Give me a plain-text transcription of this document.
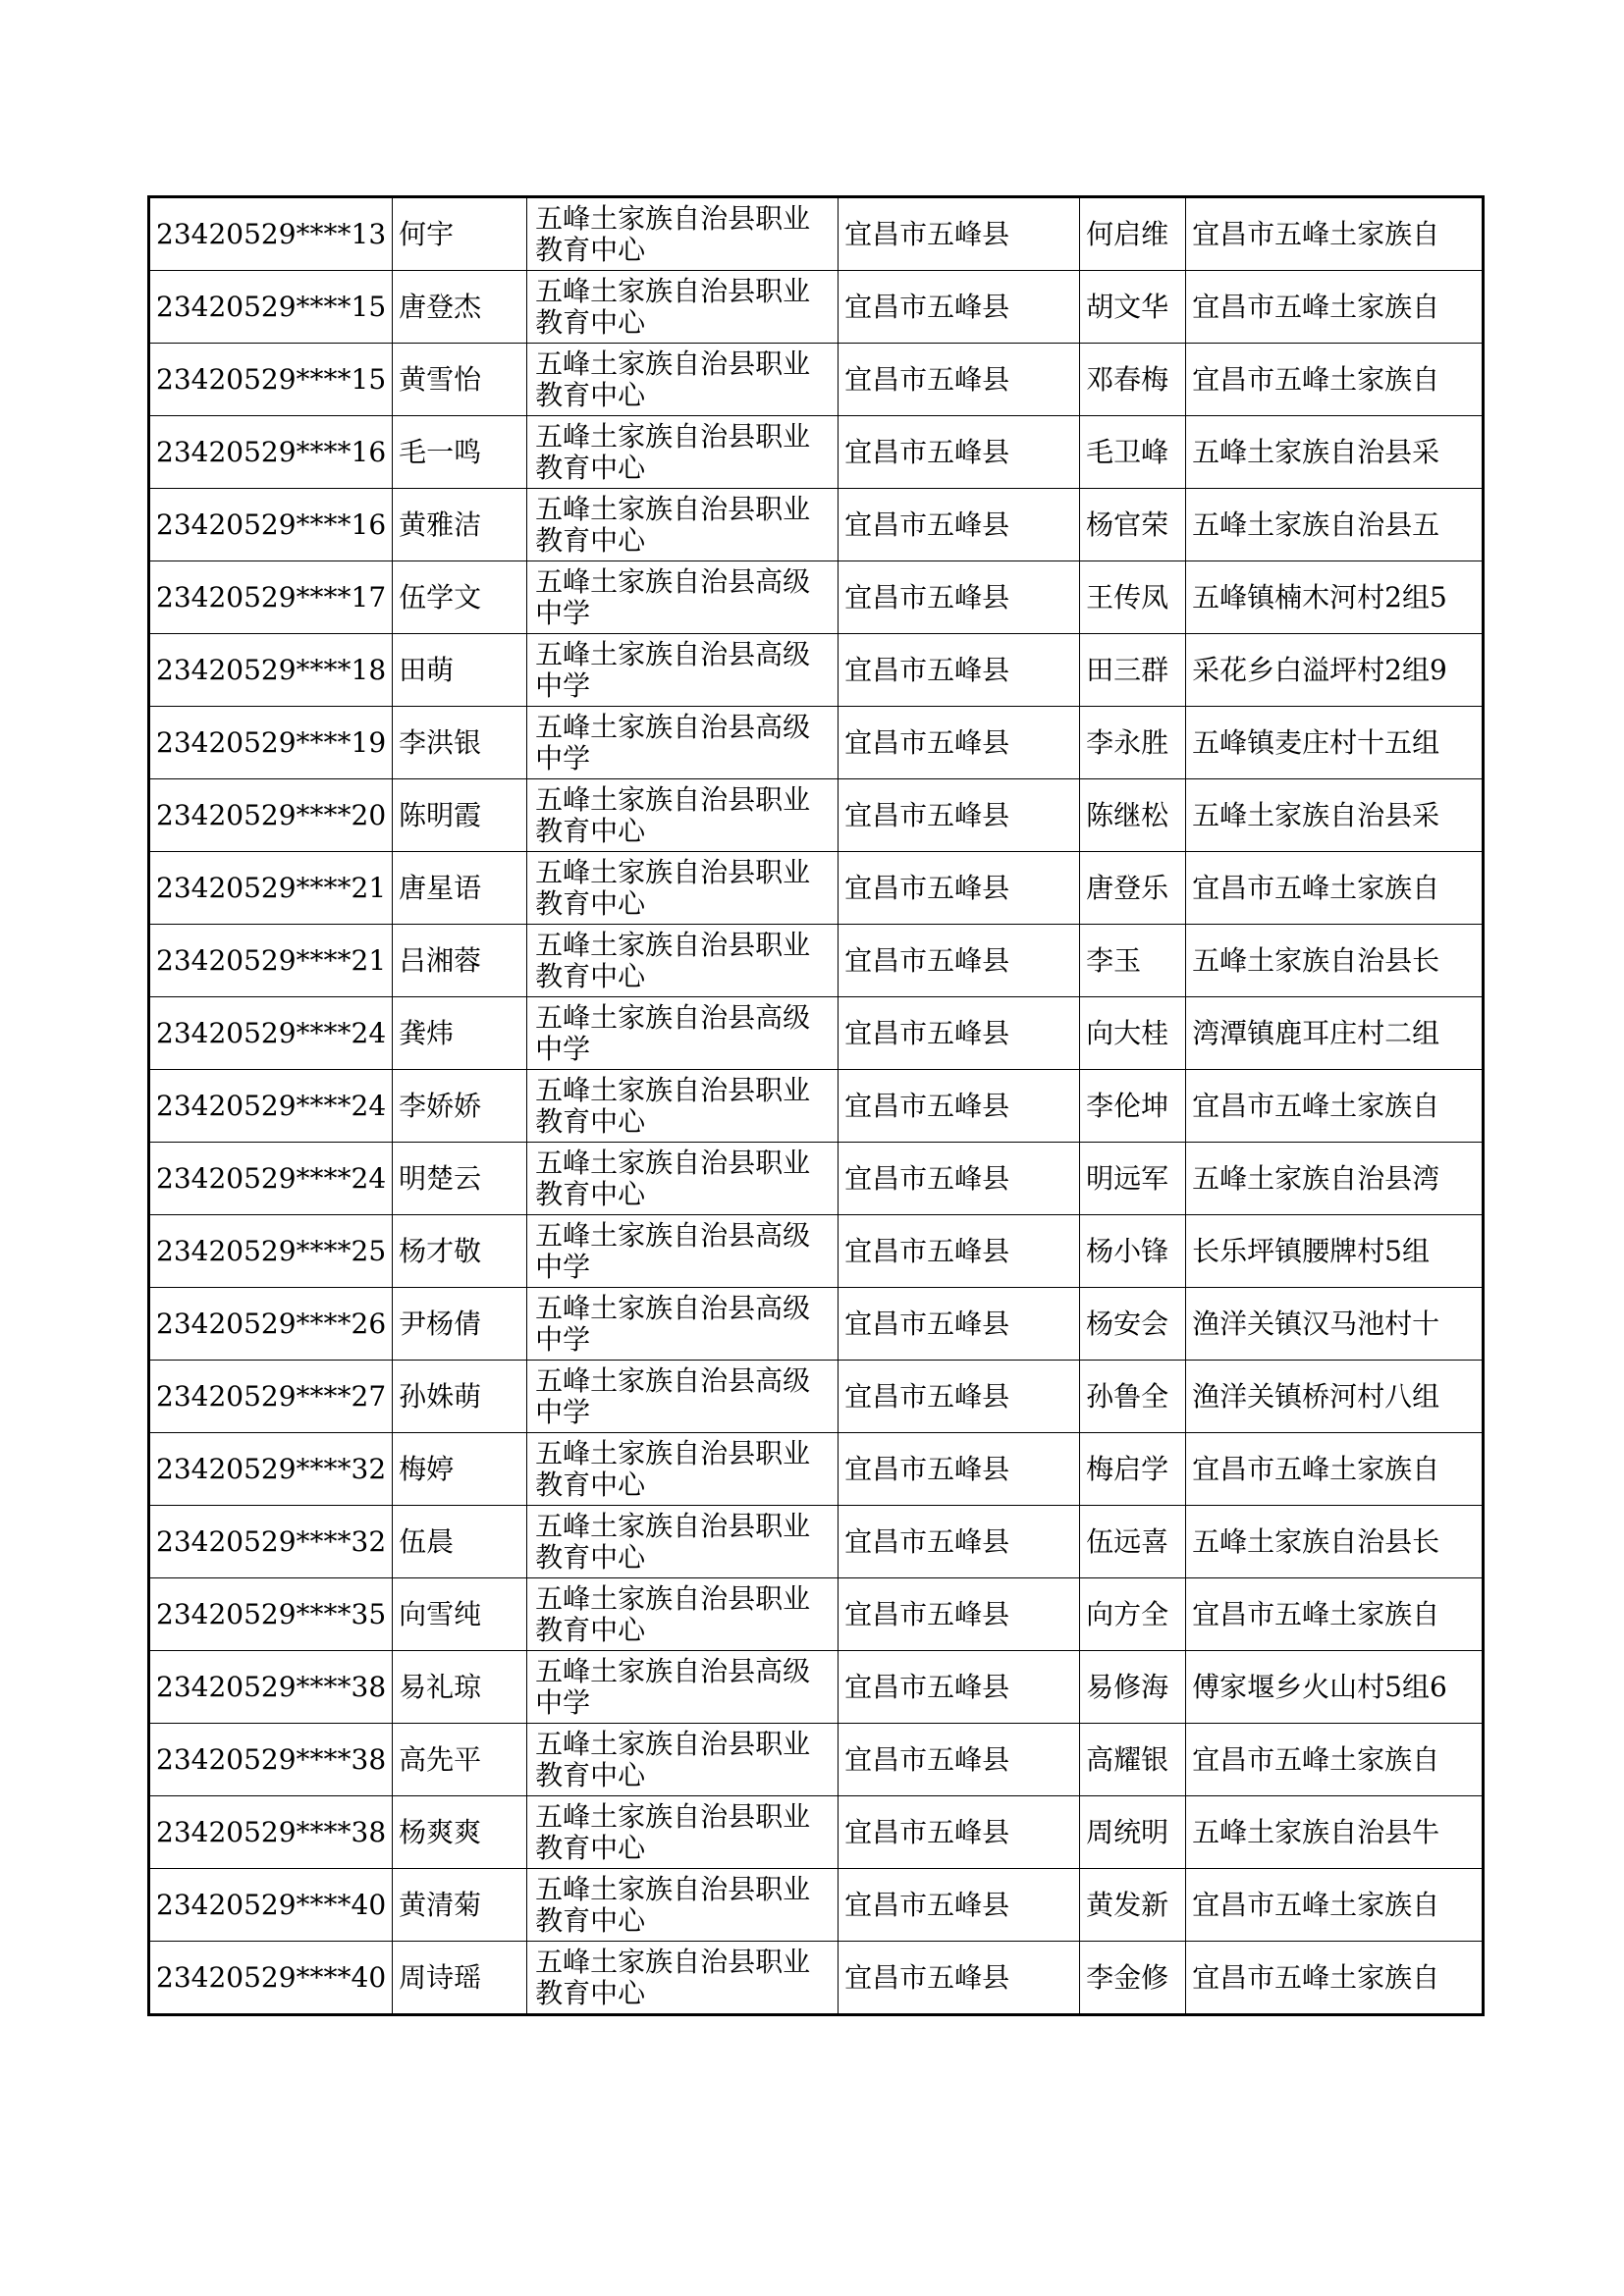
23420529****13	何宇	五峰土家族自治县职业教育中心	宜昌市五峰县	何启维	宜昌市五峰土家族自
23420529****15	唐登杰	五峰土家族自治县职业教育中心	宜昌市五峰县	胡文华	宜昌市五峰土家族自
23420529****15	黄雪怡	五峰土家族自治县职业教育中心	宜昌市五峰县	邓春梅	宜昌市五峰土家族自
23420529****16	毛一鸣	五峰土家族自治县职业教育中心	宜昌市五峰县	毛卫峰	五峰土家族自治县采
23420529****16	黄雅洁	五峰土家族自治县职业教育中心	宜昌市五峰县	杨官荣	五峰土家族自治县五
23420529****17	伍学文	五峰土家族自治县高级中学	宜昌市五峰县	王传凤	五峰镇楠木河村2组5
23420529****18	田萌	五峰土家族自治县高级中学	宜昌市五峰县	田三群	采花乡白溢坪村2组9
23420529****19	李洪银	五峰土家族自治县高级中学	宜昌市五峰县	李永胜	五峰镇麦庄村十五组
23420529****20	陈明霞	五峰土家族自治县职业教育中心	宜昌市五峰县	陈继松	五峰土家族自治县采
23420529****21	唐星语	五峰土家族自治县职业教育中心	宜昌市五峰县	唐登乐	宜昌市五峰土家族自
23420529****21	吕湘蓉	五峰土家族自治县职业教育中心	宜昌市五峰县	李玉	五峰土家族自治县长
23420529****24	龚炜	五峰土家族自治县高级中学	宜昌市五峰县	向大桂	湾潭镇鹿耳庄村二组
23420529****24	李娇娇	五峰土家族自治县职业教育中心	宜昌市五峰县	李伦坤	宜昌市五峰土家族自
23420529****24	明楚云	五峰土家族自治县职业教育中心	宜昌市五峰县	明远军	五峰土家族自治县湾
23420529****25	杨才敬	五峰土家族自治县高级中学	宜昌市五峰县	杨小锋	长乐坪镇腰牌村5组
23420529****26	尹杨倩	五峰土家族自治县高级中学	宜昌市五峰县	杨安会	渔洋关镇汉马池村十
23420529****27	孙姝萌	五峰土家族自治县高级中学	宜昌市五峰县	孙鲁全	渔洋关镇桥河村八组
23420529****32	梅婷	五峰土家族自治县职业教育中心	宜昌市五峰县	梅启学	宜昌市五峰土家族自
23420529****32	伍晨	五峰土家族自治县职业教育中心	宜昌市五峰县	伍远喜	五峰土家族自治县长
23420529****35	向雪纯	五峰土家族自治县职业教育中心	宜昌市五峰县	向方全	宜昌市五峰土家族自
23420529****38	易礼琼	五峰土家族自治县高级中学	宜昌市五峰县	易修海	傅家堰乡火山村5组6
23420529****38	高先平	五峰土家族自治县职业教育中心	宜昌市五峰县	高耀银	宜昌市五峰土家族自
23420529****38	杨爽爽	五峰土家族自治县职业教育中心	宜昌市五峰县	周统明	五峰土家族自治县牛
23420529****40	黄清菊	五峰土家族自治县职业教育中心	宜昌市五峰县	黄发新	宜昌市五峰土家族自
23420529****40	周诗瑶	五峰土家族自治县职业教育中心	宜昌市五峰县	李金修	宜昌市五峰土家族自
